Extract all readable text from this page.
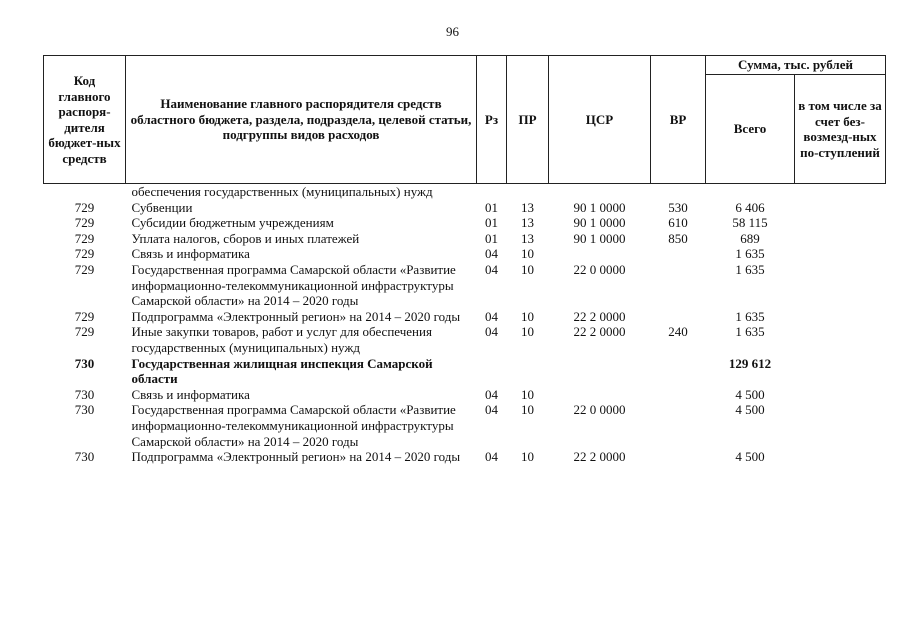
96
Код главного распоря-дителя бюджет-ных средств	Наименование главного распорядителя средств областного бюджета, раздела, подраздела, целевой статьи, подгруппы видов расходов	Рз	ПР	ЦСР	ВР	Сумма, тыс. рублей	
						Всего	в том числе за счет без-возмезд-ных по-ступлений
	обеспечения государственных (муниципальных) нужд						
729	Субвенции	01	13	90 1 0000	530	6 406	
729	Субсидии бюджетным учреждениям	01	13	90 1 0000	610	58 115	
729	Уплата налогов, сборов и иных платежей	01	13	90 1 0000	850	689	
729	Связь и информатика	04	10			1 635	
729	Государственная программа Самарской области «Развитие информационно-телекоммуникационной инфраструктуры Самарской области» на 2014 – 2020 годы	04	10	22 0 0000		1 635	
729	Подпрограмма «Электронный регион» на 2014 – 2020 годы	04	10	22 2 0000		1 635	
729	Иные закупки товаров, работ и услуг для обеспечения государственных (муниципальных) нужд	04	10	22 2 0000	240	1 635	
730	Государственная жилищная инспекция Самарской области					129 612	
730	Связь и информатика	04	10			4 500	
730	Государственная программа Самарской области «Развитие информационно-телекоммуникационной инфраструктуры Самарской области» на 2014 – 2020 годы	04	10	22 0 0000		4 500	
730	Подпрограмма «Электронный регион» на 2014 – 2020 годы	04	10	22 2 0000		4 500	
